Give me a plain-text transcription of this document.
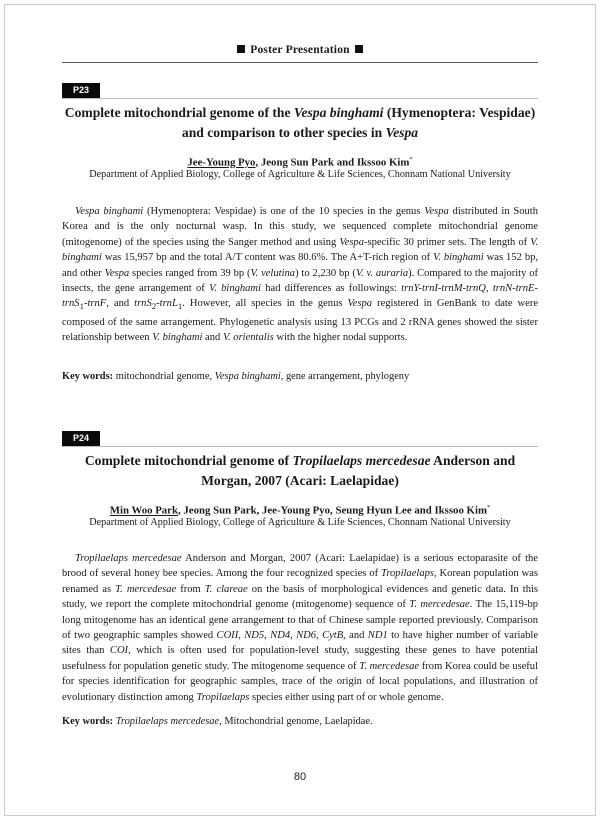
Poster Presentation
P23
Complete mitochondrial genome of the Vespa binghami (Hymenoptera: Vespidae) and comparison to other species in Vespa
Jee-Young Pyo, Jeong Sun Park and Ikssoo Kim*
Department of Applied Biology, College of Agriculture & Life Sciences, Chonnam National University

Vespa binghami (Hymenoptera: Vespidae) is one of the 10 species in the genus Vespa distributed in South Korea and is the only nocturnal wasp. In this study, we sequenced complete mitochondrial genome (mitogenome) of the species using the Sanger method and using Vespa-specific 30 primer sets. The length of V. binghami was 15,957 bp and the total A/T content was 80.6%. The A+T-rich region of V. binghami was 152 bp, and other Vespa species ranged from 39 bp (V. velutina) to 2,230 bp (V. v. auraria). Compared to the majority of insects, the gene arrangement of V. binghami had differences as followings: trnY-trnI-trnM-trnQ, trnN-trnE-trnS$_1$-trnF, and trnS$_2$-trnL$_1$. However, all species in the genus Vespa registered in GenBank to date were composed of the same arrangement. Phylogenetic analysis using 13 PCGs and 2 rRNA genes showed the sister relationship between V. binghami and V. orientalis with the higher nodal supports.

Key words: mitochondrial genome, Vespa binghami, gene arrangement, phylogeny
P24
Complete mitochondrial genome of Tropilaelaps mercedesae Anderson and Morgan, 2007 (Acari: Laelapidae)
Min Woo Park, Jeong Sun Park, Jee-Young Pyo, Seung Hyun Lee and Ikssoo Kim*
Department of Applied Biology, College of Agriculture & Life Sciences, Chonnam National University

Tropilaelaps mercedesae Anderson and Morgan, 2007 (Acari: Laelapidae) is a serious ectoparasite of the brood of several honey bee species. Among the four recognized species of Tropilaelaps, Korean population was renamed as T. mercedesae from T. clareae on the basis of morphological evidences and genetic data. In this study, we report the complete mitochondrial genome (mitogenome) sequence of T. mercedesae. The 15,119-bp long mitogenome has an identical gene arrangement to that of Chinese sample reported previously. Comparison of two geographic samples showed COII, ND5, ND4, ND6, CytB, and ND1 to have higher number of variable sites than COI, which is often used for population-level study, suggesting these genes to have potential usefulness for population genetic study. The mitogenome sequence of T. mercedesae from Korea could be useful for species identification for geographic samples, trace of the origin of local populations, and illustration of evolutionary distinction among Tropilaelaps species either using part of or whole genome.

Key words: Tropilaelaps mercedesae, Mitochondrial genome, Laelapidae.
80
